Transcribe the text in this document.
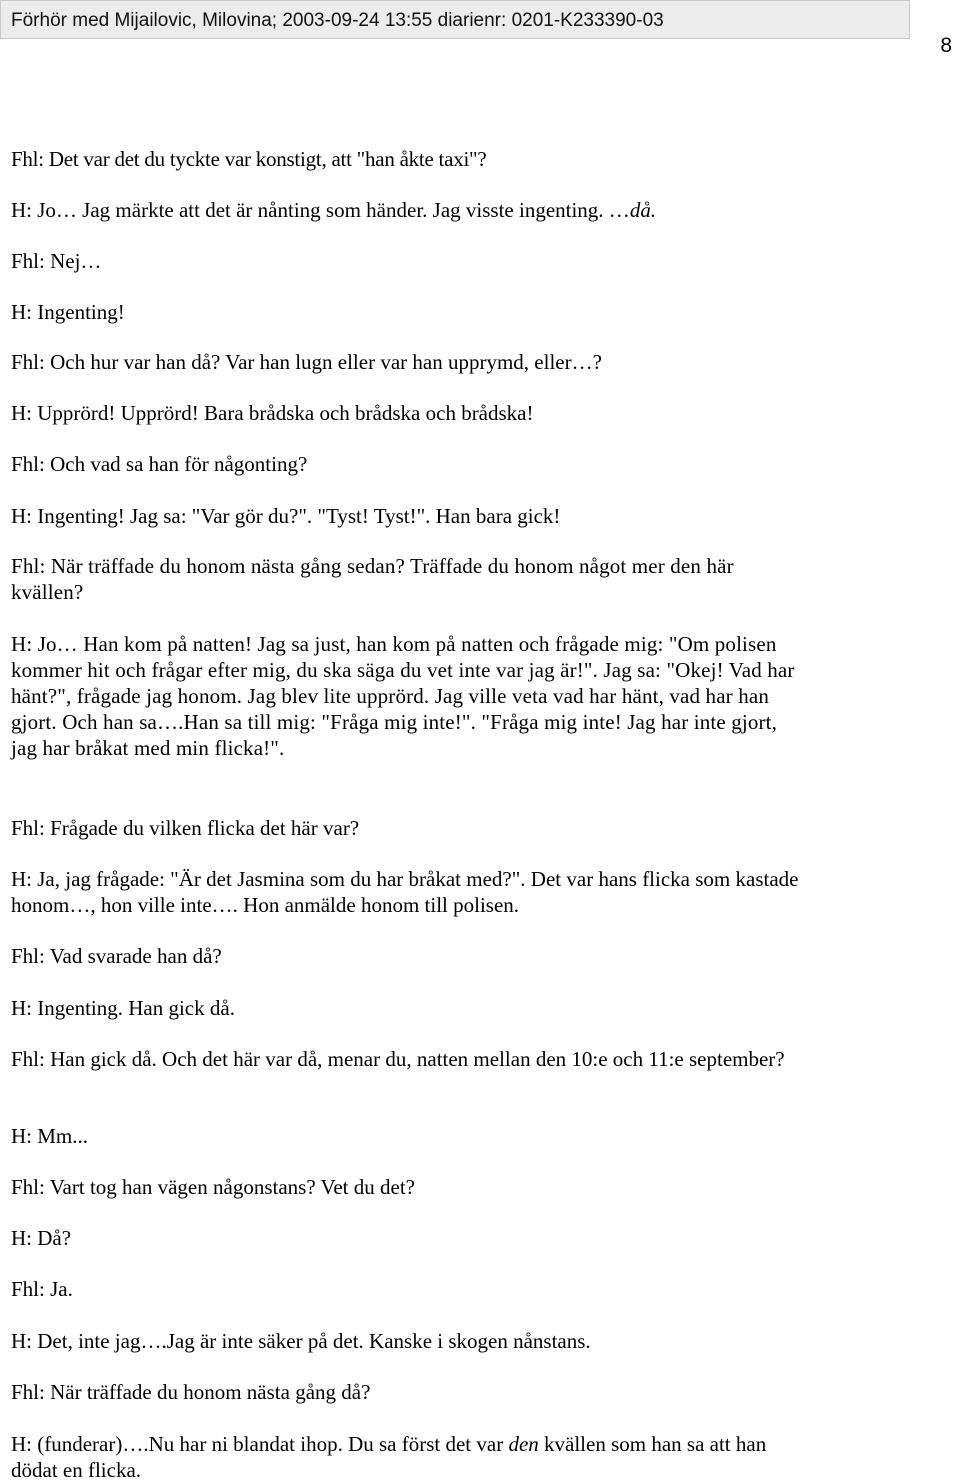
Förhör med Mijailovic, Milovina; 2003-09-24 13:55 diarienr: 0201-K233390-03
8

Fhl: Det var det du tyckte var konstigt, att "han åkte taxi"?

H: Jo… Jag märkte att det är nånting som händer. Jag visste ingenting. …då.

Fhl: Nej…

H: Ingenting!

Fhl: Och hur var han då? Var han lugn eller var han upprymd, eller…?

H: Upprörd! Upprörd! Bara brådska och brådska och brådska!

Fhl: Och vad sa han för någonting?

H: Ingenting! Jag sa: "Var gör du?". "Tyst! Tyst!". Han bara gick!

Fhl: När träffade du honom nästa gång sedan? Träffade du honom något mer den här kvällen?

H: Jo… Han kom på natten! Jag sa just, han kom på natten och frågade mig: "Om polisen kommer hit och frågar efter mig, du ska säga du vet inte var jag är!". Jag sa: "Okej! Vad har hänt?", frågade jag honom. Jag blev lite upprörd. Jag ville veta vad har hänt, vad har han gjort. Och han sa….Han sa till mig: "Fråga mig inte!". "Fråga mig inte! Jag har inte gjort, jag har bråkat med min flicka!".

Fhl: Frågade du vilken flicka det här var?

H: Ja, jag frågade: "Är det Jasmina som du har bråkat med?". Det var hans flicka som kastade honom…, hon ville inte…. Hon anmälde honom till polisen.

Fhl: Vad svarade han då?

H: Ingenting. Han gick då.

Fhl: Han gick då. Och det här var då, menar du, natten mellan den 10:e och 11:e september?

H: Mm...

Fhl: Vart tog han vägen någonstans? Vet du det?

H: Då?

Fhl: Ja.

H: Det, inte jag….Jag är inte säker på det. Kanske i skogen nånstans.

Fhl: När träffade du honom nästa gång då?

H: (funderar)….Nu har ni blandat ihop. Du sa först det var den kvällen som han sa att han dödat en flicka.
